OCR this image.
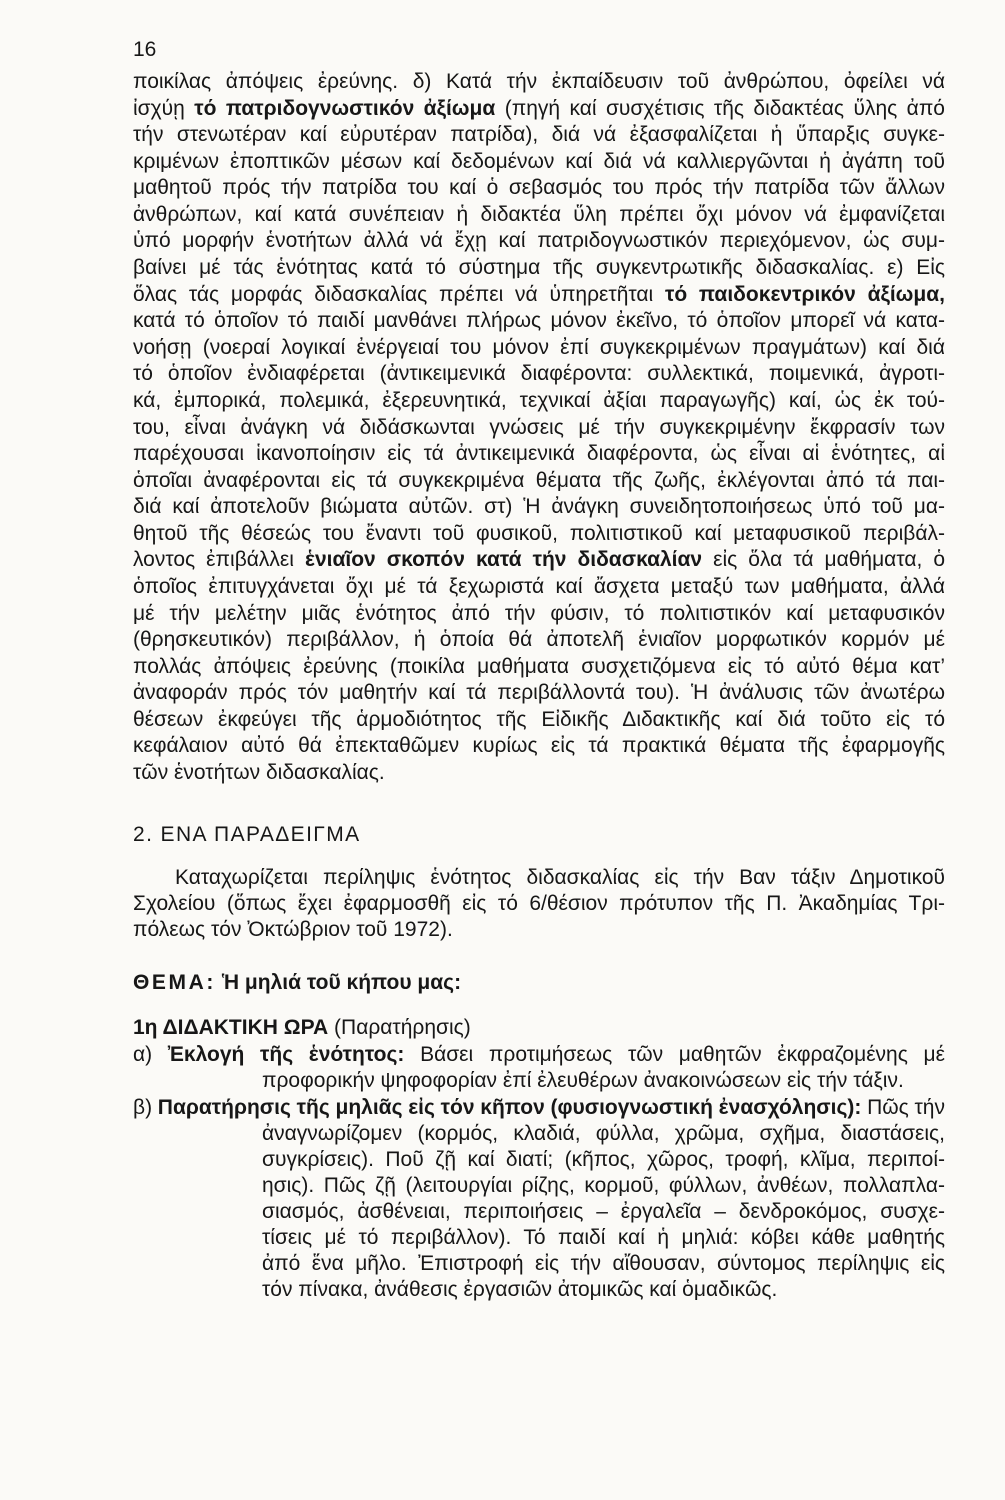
16
ποικίλας ἀπόψεις ἐρεύνης. δ) Κατά τήν ἐκπαίδευσιν τοῦ ἀνθρώπου, ὀφείλει νά
ἰσχύῃ τό πατριδογνωστικόν ἀξίωμα (πηγή καί συσχέτισις τῆς διδακτέας ὕλης ἀπό
τήν στενωτέραν καί εὐρυτέραν πατρίδα), διά νά ἐξασφαλίζεται ἡ ὕπαρξις συγκε-
κριμένων ἐποπτικῶν μέσων καί δεδομένων καί διά νά καλλιεργῶνται ἡ ἀγάπη τοῦ
μαθητοῦ πρός τήν πατρίδα του καί ὁ σεβασμός του πρός τήν πατρίδα τῶν ἄλλων
ἀνθρώπων, καί κατά συνέπειαν ἡ διδακτέα ὕλη πρέπει ὄχι μόνον νά ἐμφανίζεται
ὑπό μορφήν ἑνοτήτων ἀλλά νά ἔχῃ καί πατριδογνωστικόν περιεχόμενον, ὡς συμ-
βαίνει μέ τάς ἑνότητας κατά τό σύστημα τῆς συγκεντρωτικῆς διδασκαλίας. ε) Εἰς
ὅλας τάς μορφάς διδασκαλίας πρέπει νά ὑπηρετῆται τό παιδοκεντρικόν ἀξίωμα,
κατά τό ὁποῖον τό παιδί μανθάνει πλήρως μόνον ἐκεῖνο, τό ὁποῖον μπορεῖ νά κατα-
νοήσῃ (νοεραί λογικαί ἐνέργειαί του μόνον ἐπί συγκεκριμένων πραγμάτων) καί διά
τό ὁποῖον ἐνδιαφέρεται (ἀντικειμενικά διαφέροντα: συλλεκτικά, ποιμενικά, ἀγροτι-
κά, ἐμπορικά, πολεμικά, ἐξερευνητικά, τεχνικαί ἀξίαι παραγωγῆς) καί, ὡς ἐκ τού-
του, εἶναι ἀνάγκη νά διδάσκωνται γνώσεις μέ τήν συγκεκριμένην ἔκφρασίν των
παρέχουσαι ἱκανοποίησιν εἰς τά ἀντικειμενικά διαφέροντα, ὡς εἶναι αἱ ἑνότητες, αἱ
ὁποῖαι ἀναφέρονται εἰς τά συγκεκριμένα θέματα τῆς ζωῆς, ἐκλέγονται ἀπό τά παι-
διά καί ἀποτελοῦν βιώματα αὐτῶν. στ) Ἡ ἀνάγκη συνειδητοποιήσεως ὑπό τοῦ μα-
θητοῦ τῆς θέσεώς του ἔναντι τοῦ φυσικοῦ, πολιτιστικοῦ καί μεταφυσικοῦ περιβάλ-
λοντος ἐπιβάλλει ἑνιαῖον σκοπόν κατά τήν διδασκαλίαν εἰς ὅλα τά μαθήματα, ὁ
ὁποῖος ἐπιτυγχάνεται ὄχι μέ τά ξεχωριστά καί ἄσχετα μεταξύ των μαθήματα, ἀλλά
μέ τήν μελέτην μιᾶς ἑνότητος ἀπό τήν φύσιν, τό πολιτιστικόν καί μεταφυσικόν
(θρησκευτικόν) περιβάλλον, ἡ ὁποία θά ἀποτελῆ ἑνιαῖον μορφωτικόν κορμόν μέ
πολλάς ἀπόψεις ἐρεύνης (ποικίλα μαθήματα συσχετιζόμενα εἰς τό αὐτό θέμα κατ’
ἀναφοράν πρός τόν μαθητήν καί τά περιβάλλοντά του). Ἡ ἀνάλυσις τῶν ἀνωτέρω
θέσεων ἐκφεύγει τῆς ἁρμοδιότητος τῆς Εἰδικῆς Διδακτικῆς καί διά τοῦτο εἰς τό
κεφάλαιον αὐτό θά ἐπεκταθῶμεν κυρίως εἰς τά πρακτικά θέματα τῆς ἐφαρμογῆς
τῶν ἑνοτήτων διδασκαλίας.
2. ΕΝΑ ΠΑΡΑΔΕΙΓΜΑ
Καταχωρίζεται περίληψις ἑνότητος διδασκαλίας εἰς τήν Βαν τάξιν Δημοτικοῦ
Σχολείου (ὅπως ἔχει ἐφαρμοσθῆ εἰς τό 6/θέσιον πρότυπον τῆς Π. Ἀκαδημίας Τρι-
πόλεως τόν Ὀκτώβριον τοῦ 1972).
ΘΕΜΑ: Ἡ μηλιά τοῦ κήπου μας:
1η ΔΙΔΑΚΤΙΚΗ ΩΡΑ (Παρατήρησις)
α) Ἐκλογή τῆς ἑνότητος: Βάσει προτιμήσεως τῶν μαθητῶν ἐκφραζομένης μέ
προφορικήν ψηφοφορίαν ἐπί ἐλευθέρων ἀνακοινώσεων εἰς τήν τάξιν.
β) Παρατήρησις τῆς μηλιᾶς εἰς τόν κῆπον (φυσιογνωστική ἐνασχόλησις): Πῶς τήν
ἀναγνωρίζομεν (κορμός, κλαδιά, φύλλα, χρῶμα, σχῆμα, διαστάσεις,
συγκρίσεις). Ποῦ ζῇ καί διατί; (κῆπος, χῶρος, τροφή, κλῖμα, περιποί-
ησις). Πῶς ζῇ (λειτουργίαι ρίζης, κορμοῦ, φύλλων, ἀνθέων, πολλαπλα-
σιασμός, ἀσθένειαι, περιποιήσεις – ἐργαλεῖα – δενδροκόμος, συσχε-
τίσεις μέ τό περιβάλλον). Τό παιδί καί ἡ μηλιά: κόβει κάθε μαθητής
ἀπό ἕνα μῆλο. Ἐπιστροφή εἰς τήν αἴθουσαν, σύντομος περίληψις εἰς
τόν πίνακα, ἀνάθεσις ἐργασιῶν ἀτομικῶς καί ὁμαδικῶς.
